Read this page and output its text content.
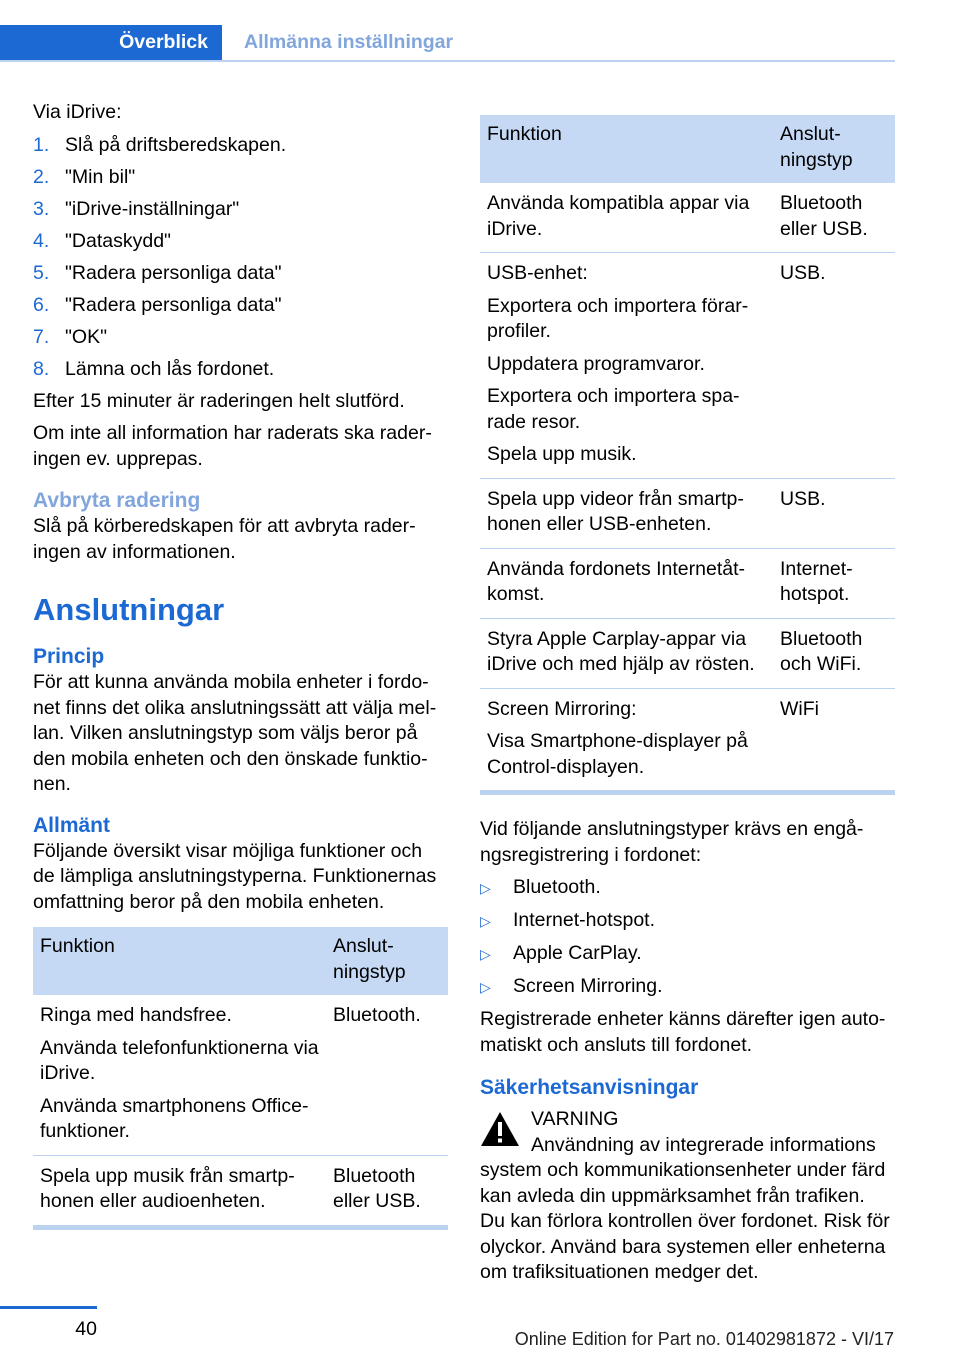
Överblick Allmänna inställningar

Via iDrive:

1. Slå på driftsberedskapen.
2. "Min bil"
3. "iDrive-inställningar"
4. "Dataskydd"
5. "Radera personliga data"
6. "Radera personliga data"
7. "OK"
8. Lämna och lås fordonet.

Efter 15 minuter är raderingen helt slutförd.

Om inte all information har raderats ska raderingen ev. upprepas.

Avbryta radering

Slå på körberedskapen för att avbryta raderingen av informationen.

Anslutningar
Princip

För att kunna använda mobila enheter i fordonet finns det olika anslutningssätt att välja mellan. Vilken anslutningstyp som väljs beror på den mobila enheten och den önskade funktionen.

Allmänt

Följande översikt visar möjliga funktioner och de lämpliga anslutningstyperna. Funktionernas omfattning beror på den mobila enheten.

Funktion	Anslutningstyp

Ringa med handsfree.
Använda telefonfunktionerna via iDrive.
Använda smartphonens Office-funktioner.	Bluetooth.

Spela upp musik från smartphonen eller audioenheten.	Bluetooth eller USB.
Funktion	Anslutningstyp

Använda kompatibla appar via iDrive.	Bluetooth eller USB.

USB-enhet:
Exportera och importera förarprofiler.
Uppdatera programvaror.
Exportera och importera sparade resor.
Spela upp musik.	USB.

Spela upp videor från smartphonen eller USB-enheten.	USB.

Använda fordonets Internetåtkomst.	Internet-hotspot.

Styra Apple Carplay-appar via iDrive och med hjälp av rösten.	Bluetooth och WiFi.

Screen Mirroring:
Visa Smartphone-displayer på Control-displayen.	WiFi

Vid följande anslutningstyper krävs en engångsregistrering i fordonet:

▷	Bluetooth.
▷	Internet-hotspot.
▷	Apple CarPlay.
▷	Screen Mirroring.

Registrerade enheter känns därefter igen automatiskt och ansluts till fordonet.

Säkerhetsanvisningar
VARNING
Användning av integrerade informations
system och kommunikationsenheter under färd kan avleda din uppmärksamhet från trafiken. Du kan förlora kontrollen över fordonet. Risk för olyckor. Använd bara systemen eller enheterna om trafiksituationen medger det.
40	Online Edition for Part no. 01402981872 - VI/17
